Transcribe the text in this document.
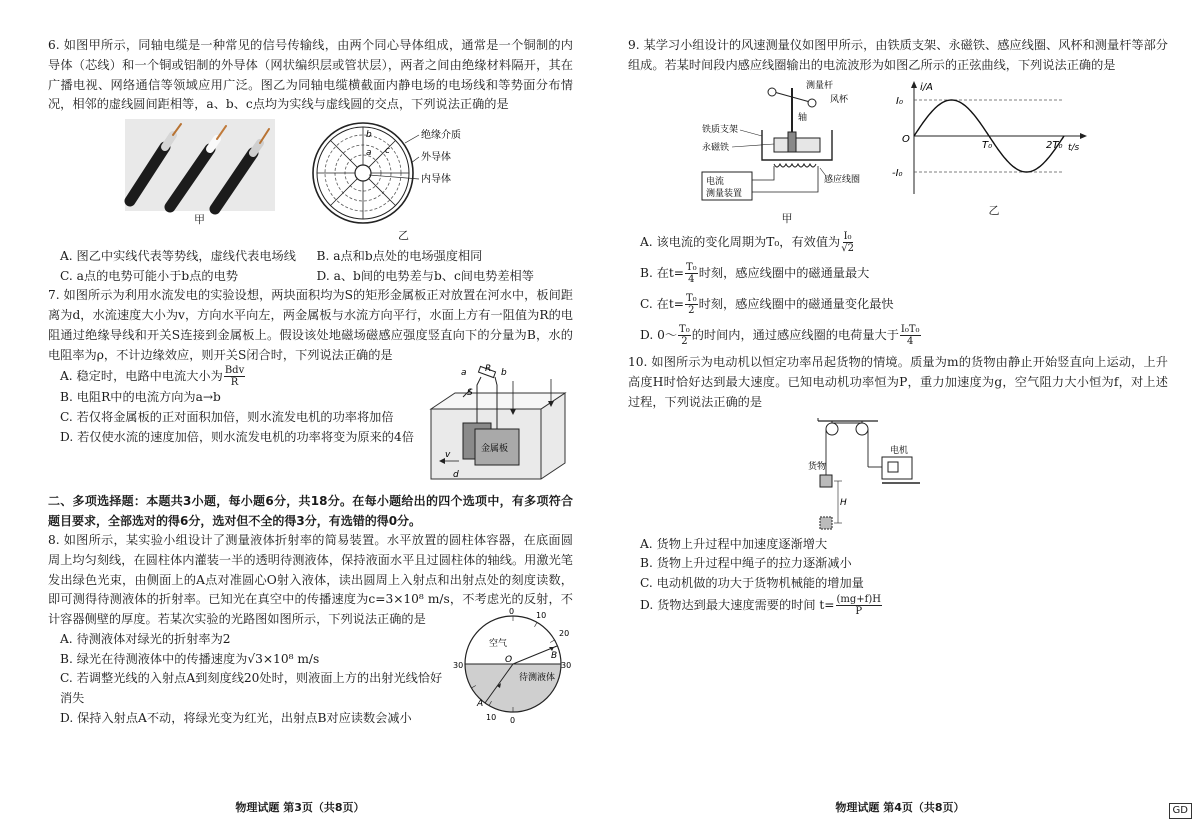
6. 如图甲所示，同轴电缆是一种常见的信号传输线，由两个同心导体组成，通常是一个铜制的内导体（芯线）和一个铜或铝制的外导体（网状编织层或管状层），两者之间由绝缘材料隔开，其在广播电视、网络通信等领域应用广泛。图乙为同轴电缆横截面内静电场的电场线和等势面分布情况，相邻的虚线圆间距相等，a、b、c点均为实线与虚线圆的交点，下列说法正确的是
甲
b
a c
绝缘介质
外导体
内导体
乙
A. 图乙中实线代表等势线，虚线代表电场线	B. a点和b点处的电场强度相同
C. a点的电势可能小于b点的电势	D. a、b间的电势差与b、c间电势差相等
7. 如图所示为利用水流发电的实验设想，两块面积均为S的矩形金属板正对放置在河水中，板间距离为d，水流速度大小为v，方向水平向左，两金属板与水流方向平行，水面上方有一阻值为R的电阻通过绝缘导线和开关S连接到金属板上。假设该处地磁场磁感应强度竖直向下的分量为B，水的电阻率为ρ，不计边缘效应，则开关S闭合时，下列说法正确的是
金属板
a R b
S
v
d
A. 稳定时，电路中电流大小为 $\frac{\text{Bdv}}{R}$
B. 电阻R中的电流方向为a→b
C. 若仅将金属板的正对面积加倍，则水流发电机的功率将加倍
D. 若仅使水流的速度加倍，则水流发电机的功率将变为原来的4倍
二、多项选择题：本题共3小题，每小题6分，共18分。在每小题给出的四个选项中，有多项符合题目要求，全部选对的得6分，选对但不全的得3分，有选错的得0分。
8. 如图所示，某实验小组设计了测量液体折射率的简易装置。水平放置的圆柱体容器，在底面圆周上均匀刻线，在圆柱体内灌装一半的透明待测液体，保持液面水平且过圆柱体的轴线。用激光笔发出绿色光束，由侧面上的A点对准圆心O射入液体，读出圆周上入射点和出射点处的刻度读数，即可测得待测液体的折射率。已知光在真空中的传播速度为c=3×10⁸ m/s，不考虑光的反射，不计容器侧壁的厚度。若某次实验的光路图如图所示，下列说法正确的是
0	10
20
30
30
10 0
空气
待测液体
O
A
B
A. 待测液体对绿光的折射率为2
B. 绿光在待测液体中的传播速度为√3×10⁸ m/s
C. 若调整光线的入射点A到刻度线20处时，则液面上方的出射光线恰好消失
D. 保持入射点A不动，将绿光变为红光，出射点B对应读数会减小
物理试题 第3页（共8页）
9. 某学习小组设计的风速测量仪如图甲所示，由铁质支架、永磁铁、感应线圈、风杯和测量杆等部分组成。若某时间段内感应线圈输出的电流波形为如图乙所示的正弦曲线，下列说法正确的是
测量杆
风杯
轴
铁质支架
永磁铁
感应线圈
电流
测量装置
甲
i/A
I₀
-I₀
O
T₀	2T₀ t/s
乙
A. 该电流的变化周期为T₀，有效值为 $\frac{\text{I₀}}{√2}$
B. 在$t= \frac{\text{T₀}}{4}$ 时刻，感应线圈中的磁通量最大
C. 在$t= \frac{\text{T₀}}{2}$ 时刻，感应线圈中的磁通量变化最快
D. 0～ $\frac{\text{T₀}}{2}$ 的时间内，通过感应线圈的电荷量大于 $\frac{\text{I₀T₀}}{4}$
10. 如图所示为电动机以恒定功率吊起货物的情境。质量为m的货物由静止开始竖直向上运动，上升高度H时恰好达到最大速度。已知电动机功率恒为P，重力加速度为g，空气阻力大小恒为f，对上述过程，下列说法正确的是
H
货物
电机
A. 货物上升过程中加速度逐渐增大
B. 货物上升过程中绳子的拉力逐渐减小
C. 电动机做的功大于货物机械能的增加量
D. 货物达到最大速度需要的时间 $t= \frac{(mg+f)H}{P}$
物理试题 第4页（共8页）	GD
